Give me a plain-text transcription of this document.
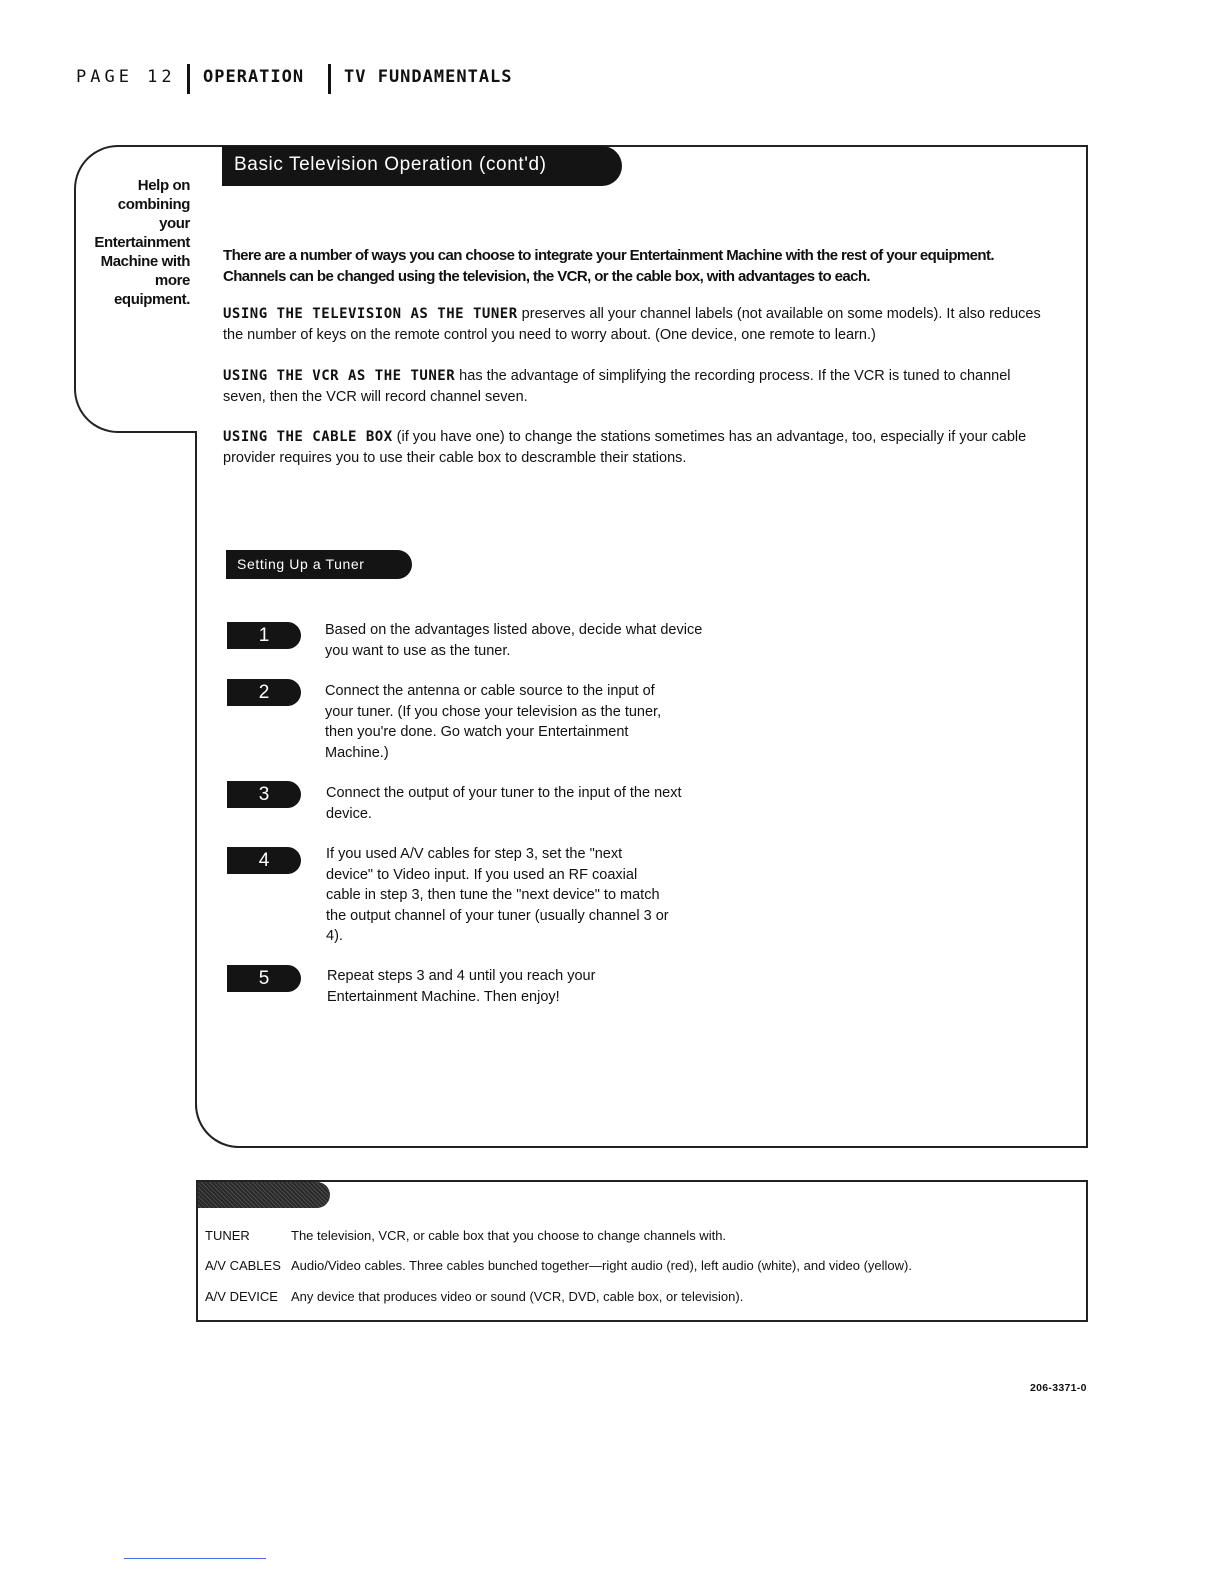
PAGE 12 OPERATION TV FUNDAMENTALS
Help on combining your Entertainment Machine with more equipment.
Basic Television Operation (cont'd)
There are a number of ways you can choose to integrate your Entertainment Machine with the rest of your equipment. Channels can be changed using the television, the VCR, or the cable box, with advantages to each.
USING THE TELEVISION AS THE TUNER preserves all your channel labels (not available on some models). It also reduces the number of keys on the remote control you need to worry about. (One device, one remote to learn.)
USING THE VCR AS THE TUNER has the advantage of simplifying the recording process. If the VCR is tuned to channel seven, then the VCR will record channel seven.
USING THE CABLE BOX (if you have one) to change the stations sometimes has an advantage, too, especially if your cable provider requires you to use their cable box to descramble their stations.
Setting Up a Tuner
1	Based on the advantages listed above, decide what device you want to use as the tuner.
2	Connect the antenna or cable source to the input of your tuner. (If you chose your television as the tuner, then you're done. Go watch your Entertainment Machine.)
3	Connect the output of your tuner to the input of the next device.
4	If you used A/V cables for step 3, set the "next device" to Video input. If you used an RF coaxial cable in step 3, then tune the "next device" to match the output channel of your tuner (usually channel 3 or 4).
5	Repeat steps 3 and 4 until you reach your Entertainment Machine. Then enjoy!
TUNER	The television, VCR, or cable box that you choose to change channels with.
A/V CABLES Audio/Video cables. Three cables bunched together—right audio (red), left audio (white), and video (yellow).
A/V DEVICE Any device that produces video or sound (VCR, DVD, cable box, or television).
206-3371-0
